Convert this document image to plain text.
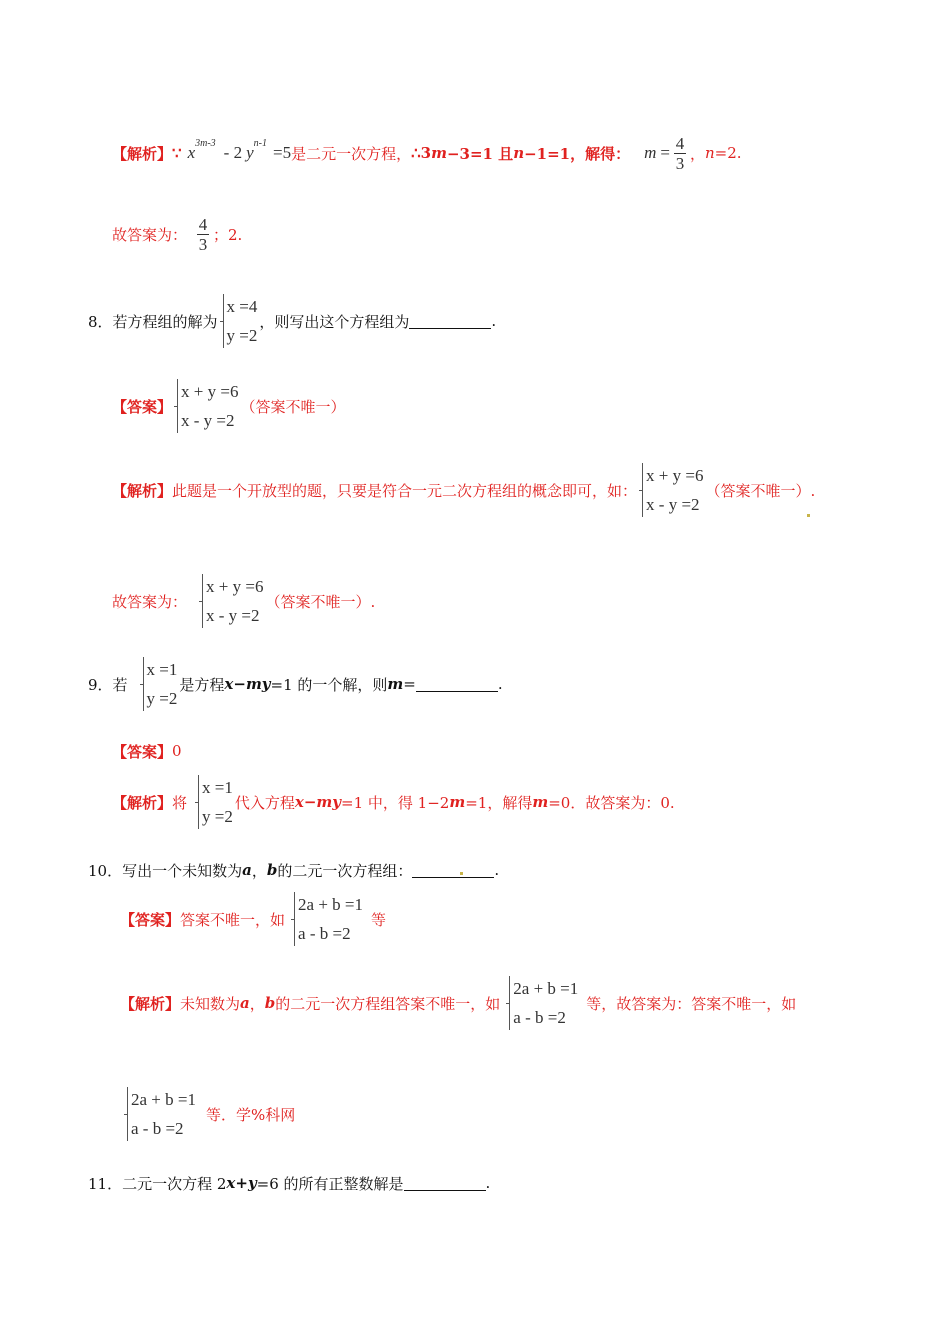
【解析】 ∵ x 3m-3 - 2 y n-1 =5 是二元一次方程， ∴3 m −3=1 且 n −1=1，解得： $m = \frac{4}{3}$ ， n =2.
故答案为： $\frac{4}{3}$ ；2.
8．若方程组的解为
x =4
y =2
，则写出这个方程组为	.
【答案】
x + y =6
x - y =2
（答案不唯一）
【解析】 此题是一个开放型的题，只要是符合一元二次方程组的概念即可，如：
x + y =6
x - y =2
（答案不唯一）.
故答案为：
x + y =6
x - y =2
（答案不唯一）.
9．若
x =1
y =2
是方程 x − my =1 的一个解，则 m =	.
【答案】 0
【解析】 将
x =1
y =2
代入方程 x − my =1 中，得 1−2 m =1，解得 m =0．故答案为：0.
10．写出一个未知数为 a ， b 的二元一次方程组：	.
【答案】 答案不唯一，如
2a + b =1
a - b =2
等
【解析】 未知数为 a ， b 的二元一次方程组答案不唯一，如
2a + b =1
a - b =2
等，故答案为：答案不唯一，如
2a + b =1
a - b =2
等．学%科网
11．二元一次方程 2 x + y =6 的所有正整数解是	.
